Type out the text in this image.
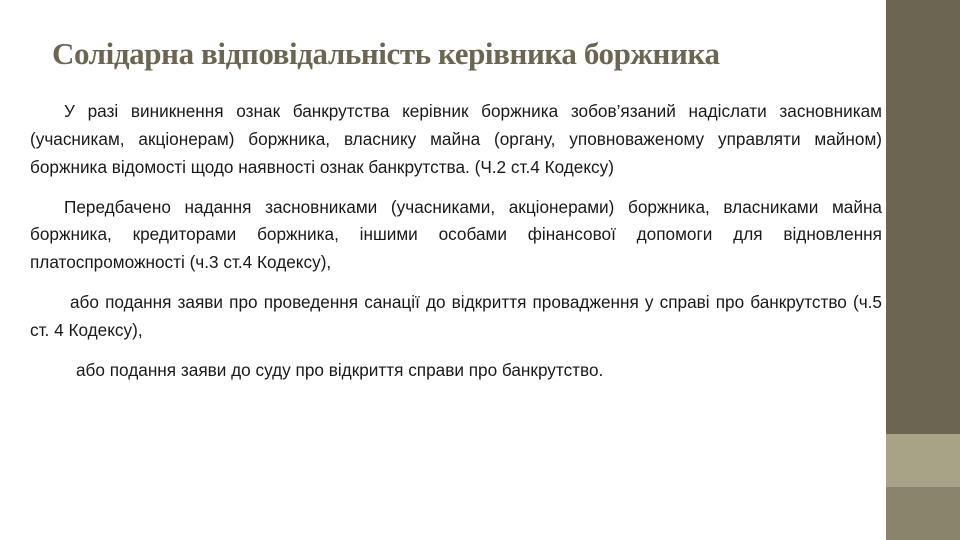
Солідарна відповідальність керівника боржника

У разі виникнення ознак банкрутства керівник боржника зобов’язаний надіслати засновникам (учасникам, акціонерам) боржника, власнику майна (органу, уповноваженому управляти майном) боржника відомості щодо наявності ознак банкрутства. (Ч.2 ст.4 Кодексу)

Передбачено надання засновниками (учасниками, акціонерами) боржника, власниками майна боржника, кредиторами боржника, іншими особами фінансової допомоги для відновлення платоспроможності (ч.3 ст.4 Кодексу),

або подання заяви про проведення санації до відкриття провадження у справі про банкрутство (ч.5 ст. 4 Кодексу),

або подання заяви до суду про відкриття справи про банкрутство.
